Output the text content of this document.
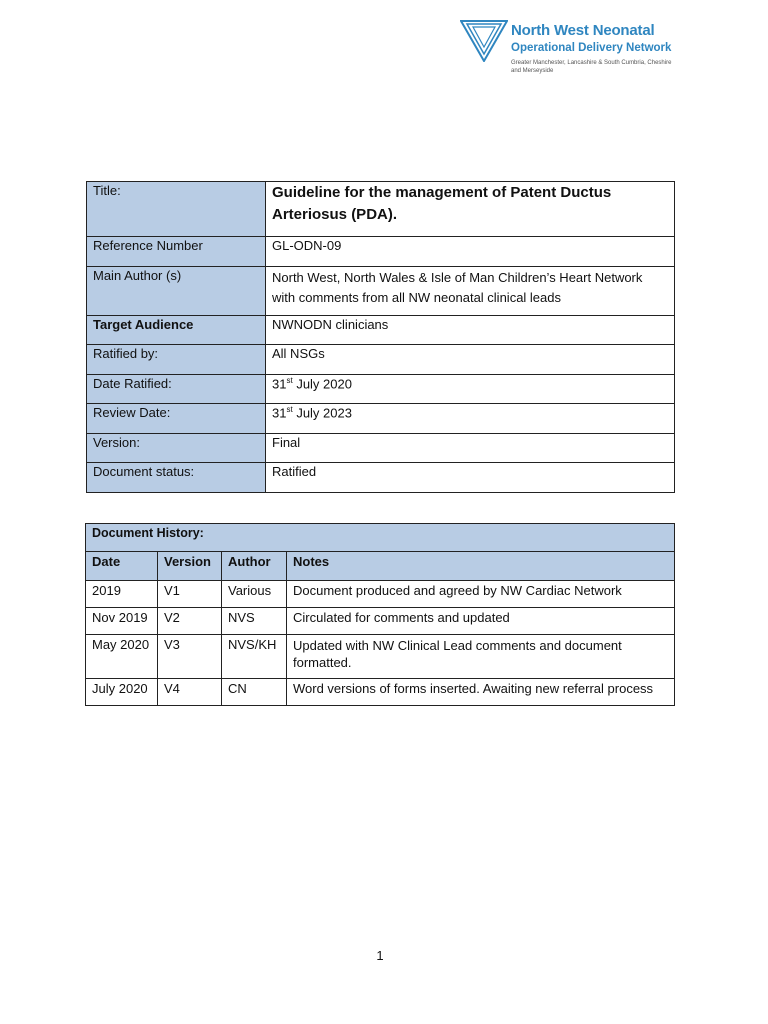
North West Neonatal
Operational Delivery Network
Greater Manchester, Lancashire & South Cumbria, Cheshire and Merseyside
Title:	Guideline for the management of Patent Ductus Arteriosus (PDA).
Reference Number	GL-ODN-09
Main Author (s)	North West, North Wales & Isle of Man Children’s Heart Network with comments from all NW neonatal clinical leads
Target Audience	NWNODN clinicians
Ratified by:	All NSGs
Date Ratified:	31st July 2020
Review Date:	31st July 2023
Version:	Final
Document status:	Ratified
Document History:			
Date	Version	Author	Notes
2019	V1	Various	Document produced and agreed by NW Cardiac Network
Nov 2019	V2	NVS	Circulated for comments and updated
May 2020	V3	NVS/KH	Updated with NW Clinical Lead comments and document formatted.
July 2020	V4	CN	Word versions of forms inserted. Awaiting new referral process
1
